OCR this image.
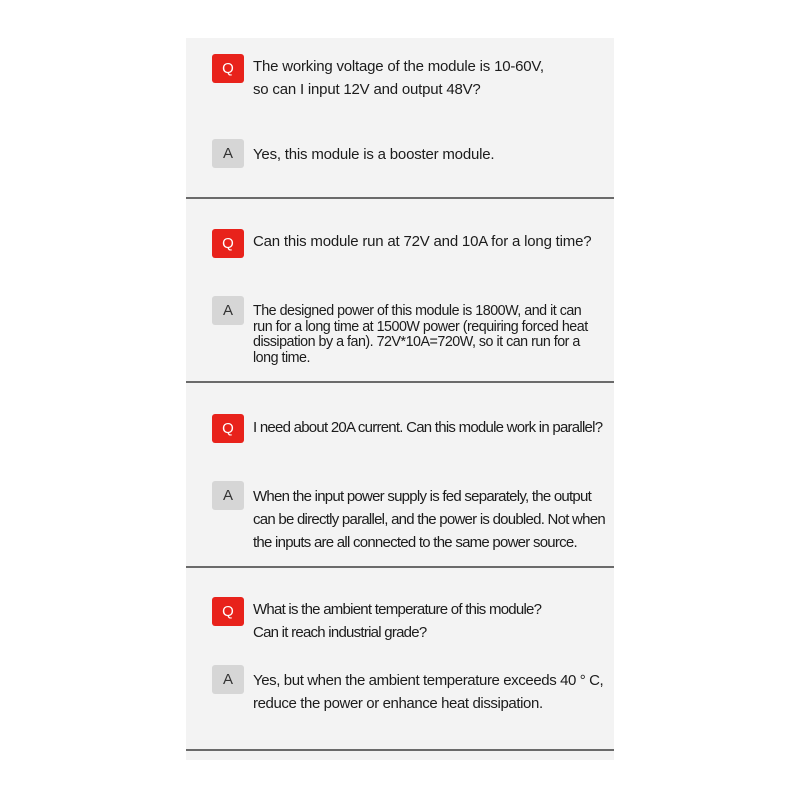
Q	The working voltage of the module is 10-60V,
so can I input 12V and output 48V?
A	Yes, this module is a booster module.
Q	Can this module run at 72V and 10A for a long time?
A	The designed power of this module is 1800W, and it can
run for a long time at 1500W power (requiring forced heat dissipation by a fan). 72V*10A=720W, so it can run for a long time.
Q	I need about 20A current. Can this module work in parallel?
A	When the input power supply is fed separately, the output can be directly parallel, and the power is doubled. Not when the inputs are all connected to the same power source.
Q	What is the ambient temperature of this module?
Can it reach industrial grade?
A	Yes, but when the ambient temperature exceeds 40 ° C, reduce the power or enhance heat dissipation.
